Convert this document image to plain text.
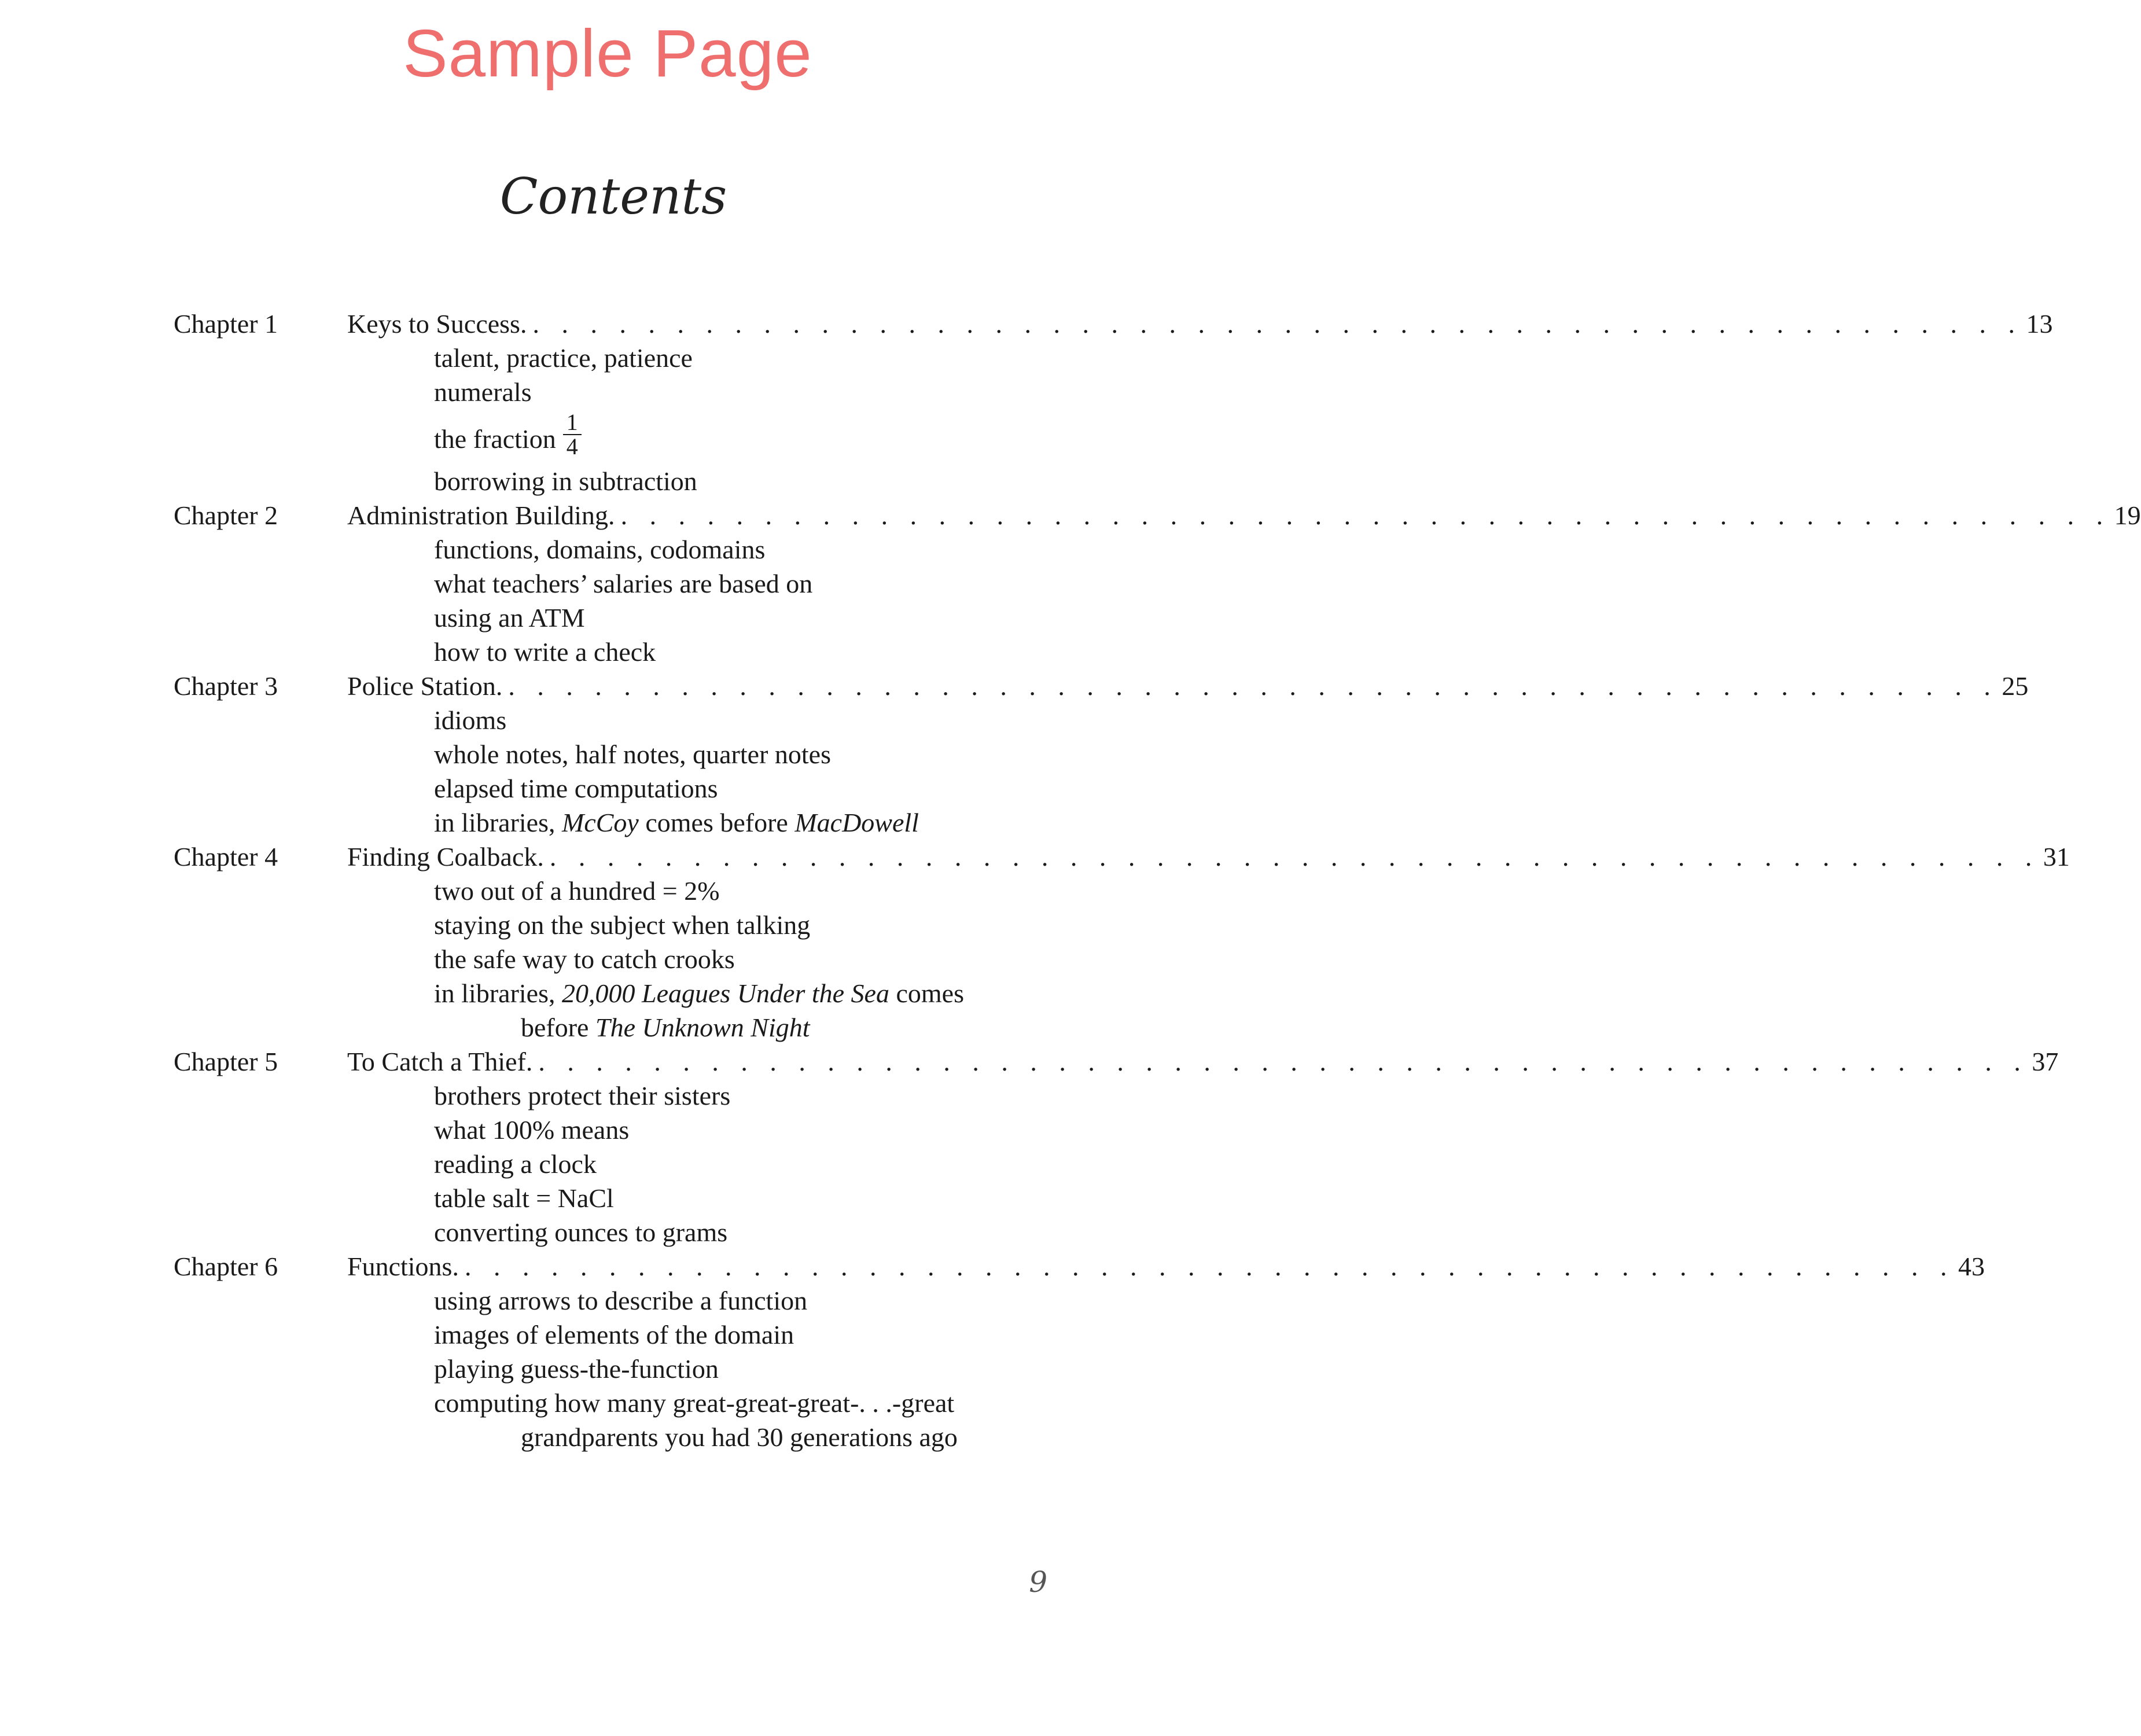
Sample Page
Contents
Chapter 1	Keys to Success. . . . . . . . . . . . . . . . . . . . . . . . . . . . . . . . . . . . . . . . . . . . . . . . . . . . . 13
talent, practice, patience
numerals
the fraction $\frac{1}{4}$
borrowing in subtraction
Chapter 2	Administration Building. . . . . . . . . . . . . . . . . . . . . . . . . . . . . . . . . . . . . . . . . . . . . . . . . . . . . 19
functions, domains, codomains
what teachers’ salaries are based on
using an ATM
how to write a check
Chapter 3	Police Station. . . . . . . . . . . . . . . . . . . . . . . . . . . . . . . . . . . . . . . . . . . . . . . . . . . . . 25
idioms
whole notes, half notes, quarter notes
elapsed time computations
in libraries, McCoy comes before MacDowell
Chapter 4	Finding Coalback. . . . . . . . . . . . . . . . . . . . . . . . . . . . . . . . . . . . . . . . . . . . . . . . . . . . . 31
two out of a hundred = 2%
staying on the subject when talking
the safe way to catch crooks
in libraries, 20,000 Leagues Under the Sea comes
before The Unknown Night
Chapter 5	To Catch a Thief. . . . . . . . . . . . . . . . . . . . . . . . . . . . . . . . . . . . . . . . . . . . . . . . . . . . . 37
brothers protect their sisters
what 100% means
reading a clock
table salt = NaCl
converting ounces to grams
Chapter 6	Functions. . . . . . . . . . . . . . . . . . . . . . . . . . . . . . . . . . . . . . . . . . . . . . . . . . . . . 43
using arrows to describe a function
images of elements of the domain
playing guess-the-function
computing how many great-great-great-. . .-great
grandparents you had 30 generations ago
9
